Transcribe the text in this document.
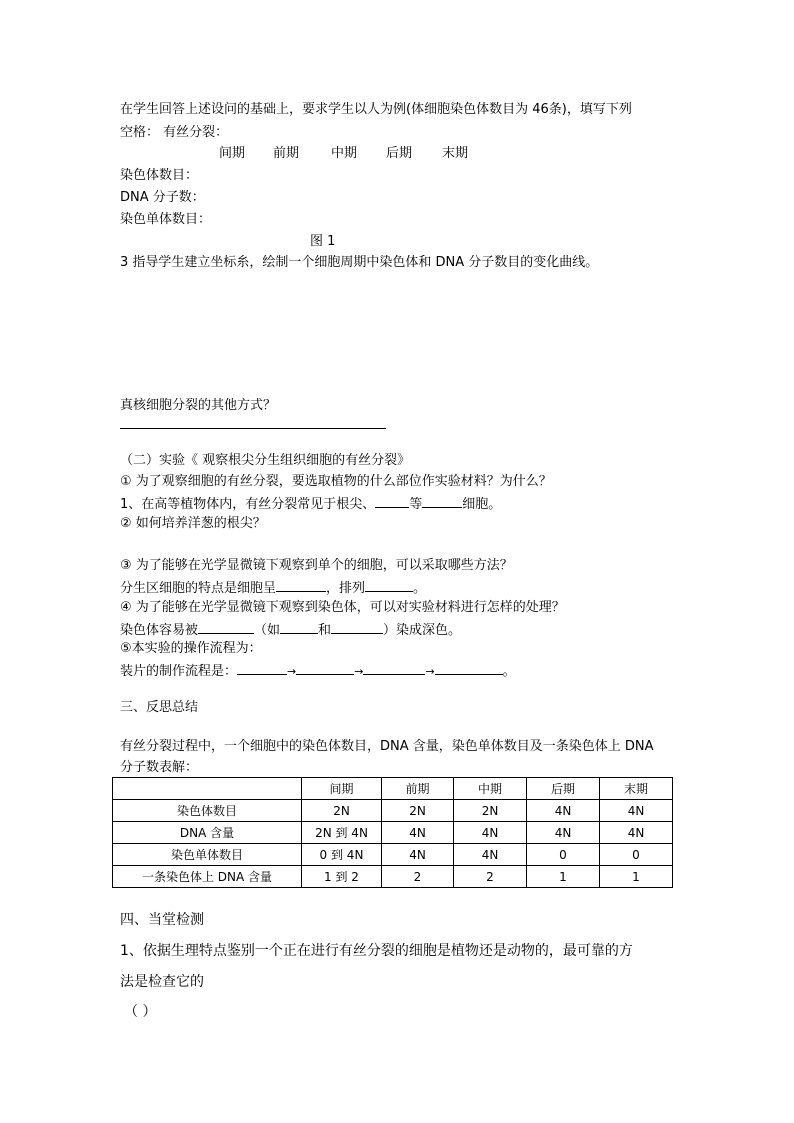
在学生回答上述设问的基础上，要求学生以人为例(体细胞染色体数目为 46条)，填写下列
空格： 有丝分裂：
间期 前期 中期 后期 末期
染色体数目：
DNA 分子数：
染色单体数目：
图 1
3 指导学生建立坐标糸，绘制一个细胞周期中染色体和 DNA 分子数目的变化曲线。
真核细胞分裂的其他方式？
（二）实验《 观察根尖分生组织细胞的有丝分裂》
① 为了观察细胞的有丝分裂，要选取植物的什么部位作实验材料？为什么？
1、在高等植物体内，有丝分裂常见于根尖、	等	细胞。
② 如何培养洋葱的根尖？
③ 为了能够在光学显微镜下观察到单个的细胞，可以采取哪些方法？
分生区细胞的特点是细胞呈	，排列	。
④ 为了能够在光学显微镜下观察到染色体，可以对实验材料进行怎样的处理？
染色体容易被	（如	和	）染成深色。
⑤本实验的操作流程为：
装片的制作流程是：	→	→	→	。
三、反思总结
有丝分裂过程中，一个细胞中的染色体数目，DNA 含量，染色单体数目及一条染色体上 DNA
分子数表解：
	间期	前期	中期	后期	末期
染色体数目	2N	2N	2N	4N	4N
DNA 含量	2N 到 4N	4N	4N	4N	4N
染色单体数目	0 到 4N	4N	4N	0	0
一条染色体上 DNA 含量	1 到 2	2	2	1	1
四、当堂检测
1、依据生理特点鉴别一个正在进行有丝分裂的细胞是植物还是动物的，最可靠的方
法是检查它的
（ ）
